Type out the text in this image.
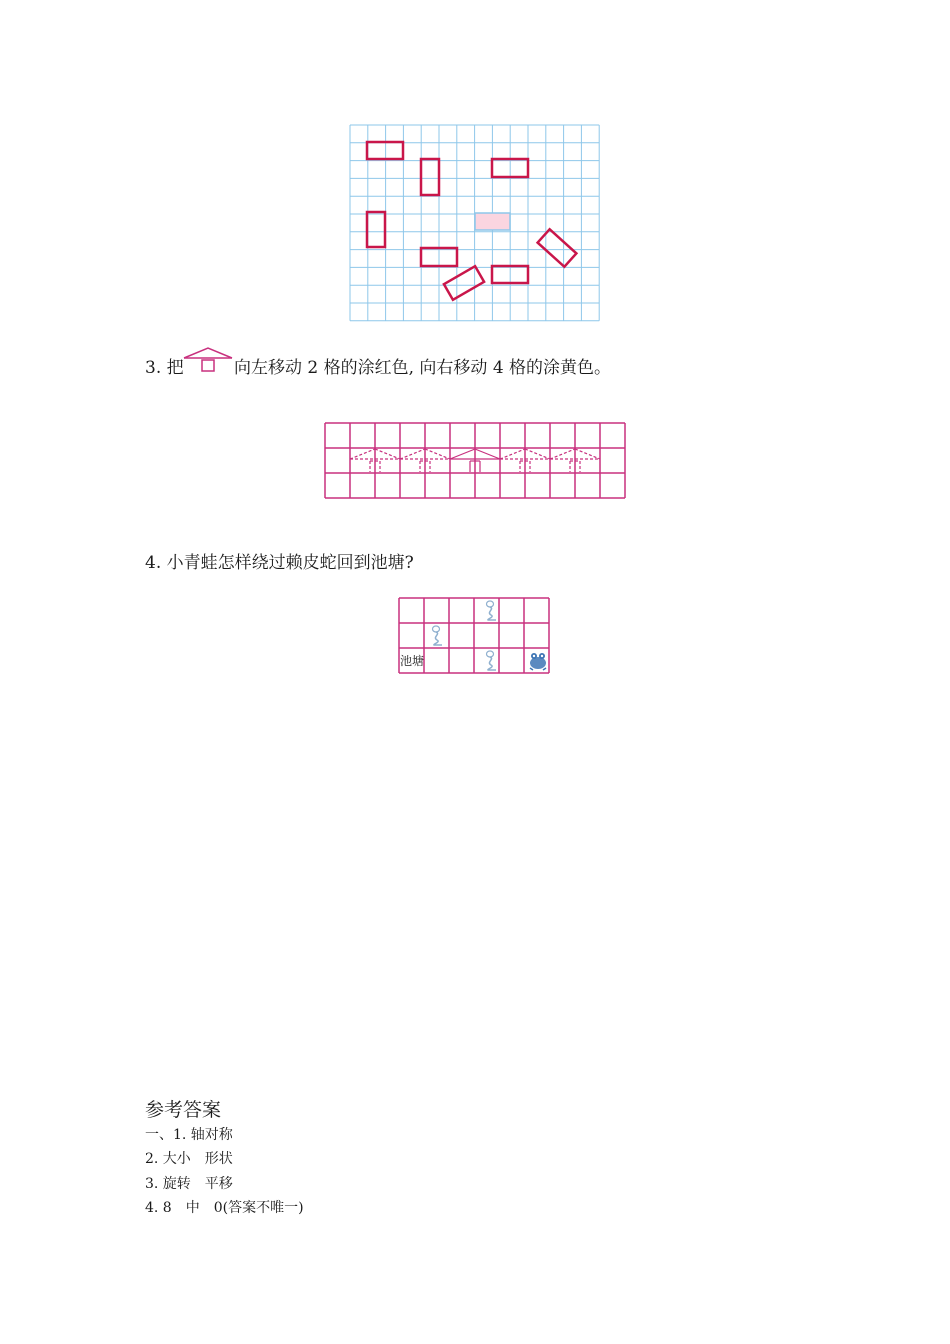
3. 把	向左移动 2 格的涂红色, 向右移动 4 格的涂黄色。
4. 小青蛙怎样绕过赖皮蛇回到池塘?
池塘
参考答案
一、1. 轴对称
2. 大小　形状
3. 旋转　平移
4. 8　中　0(答案不唯一)
